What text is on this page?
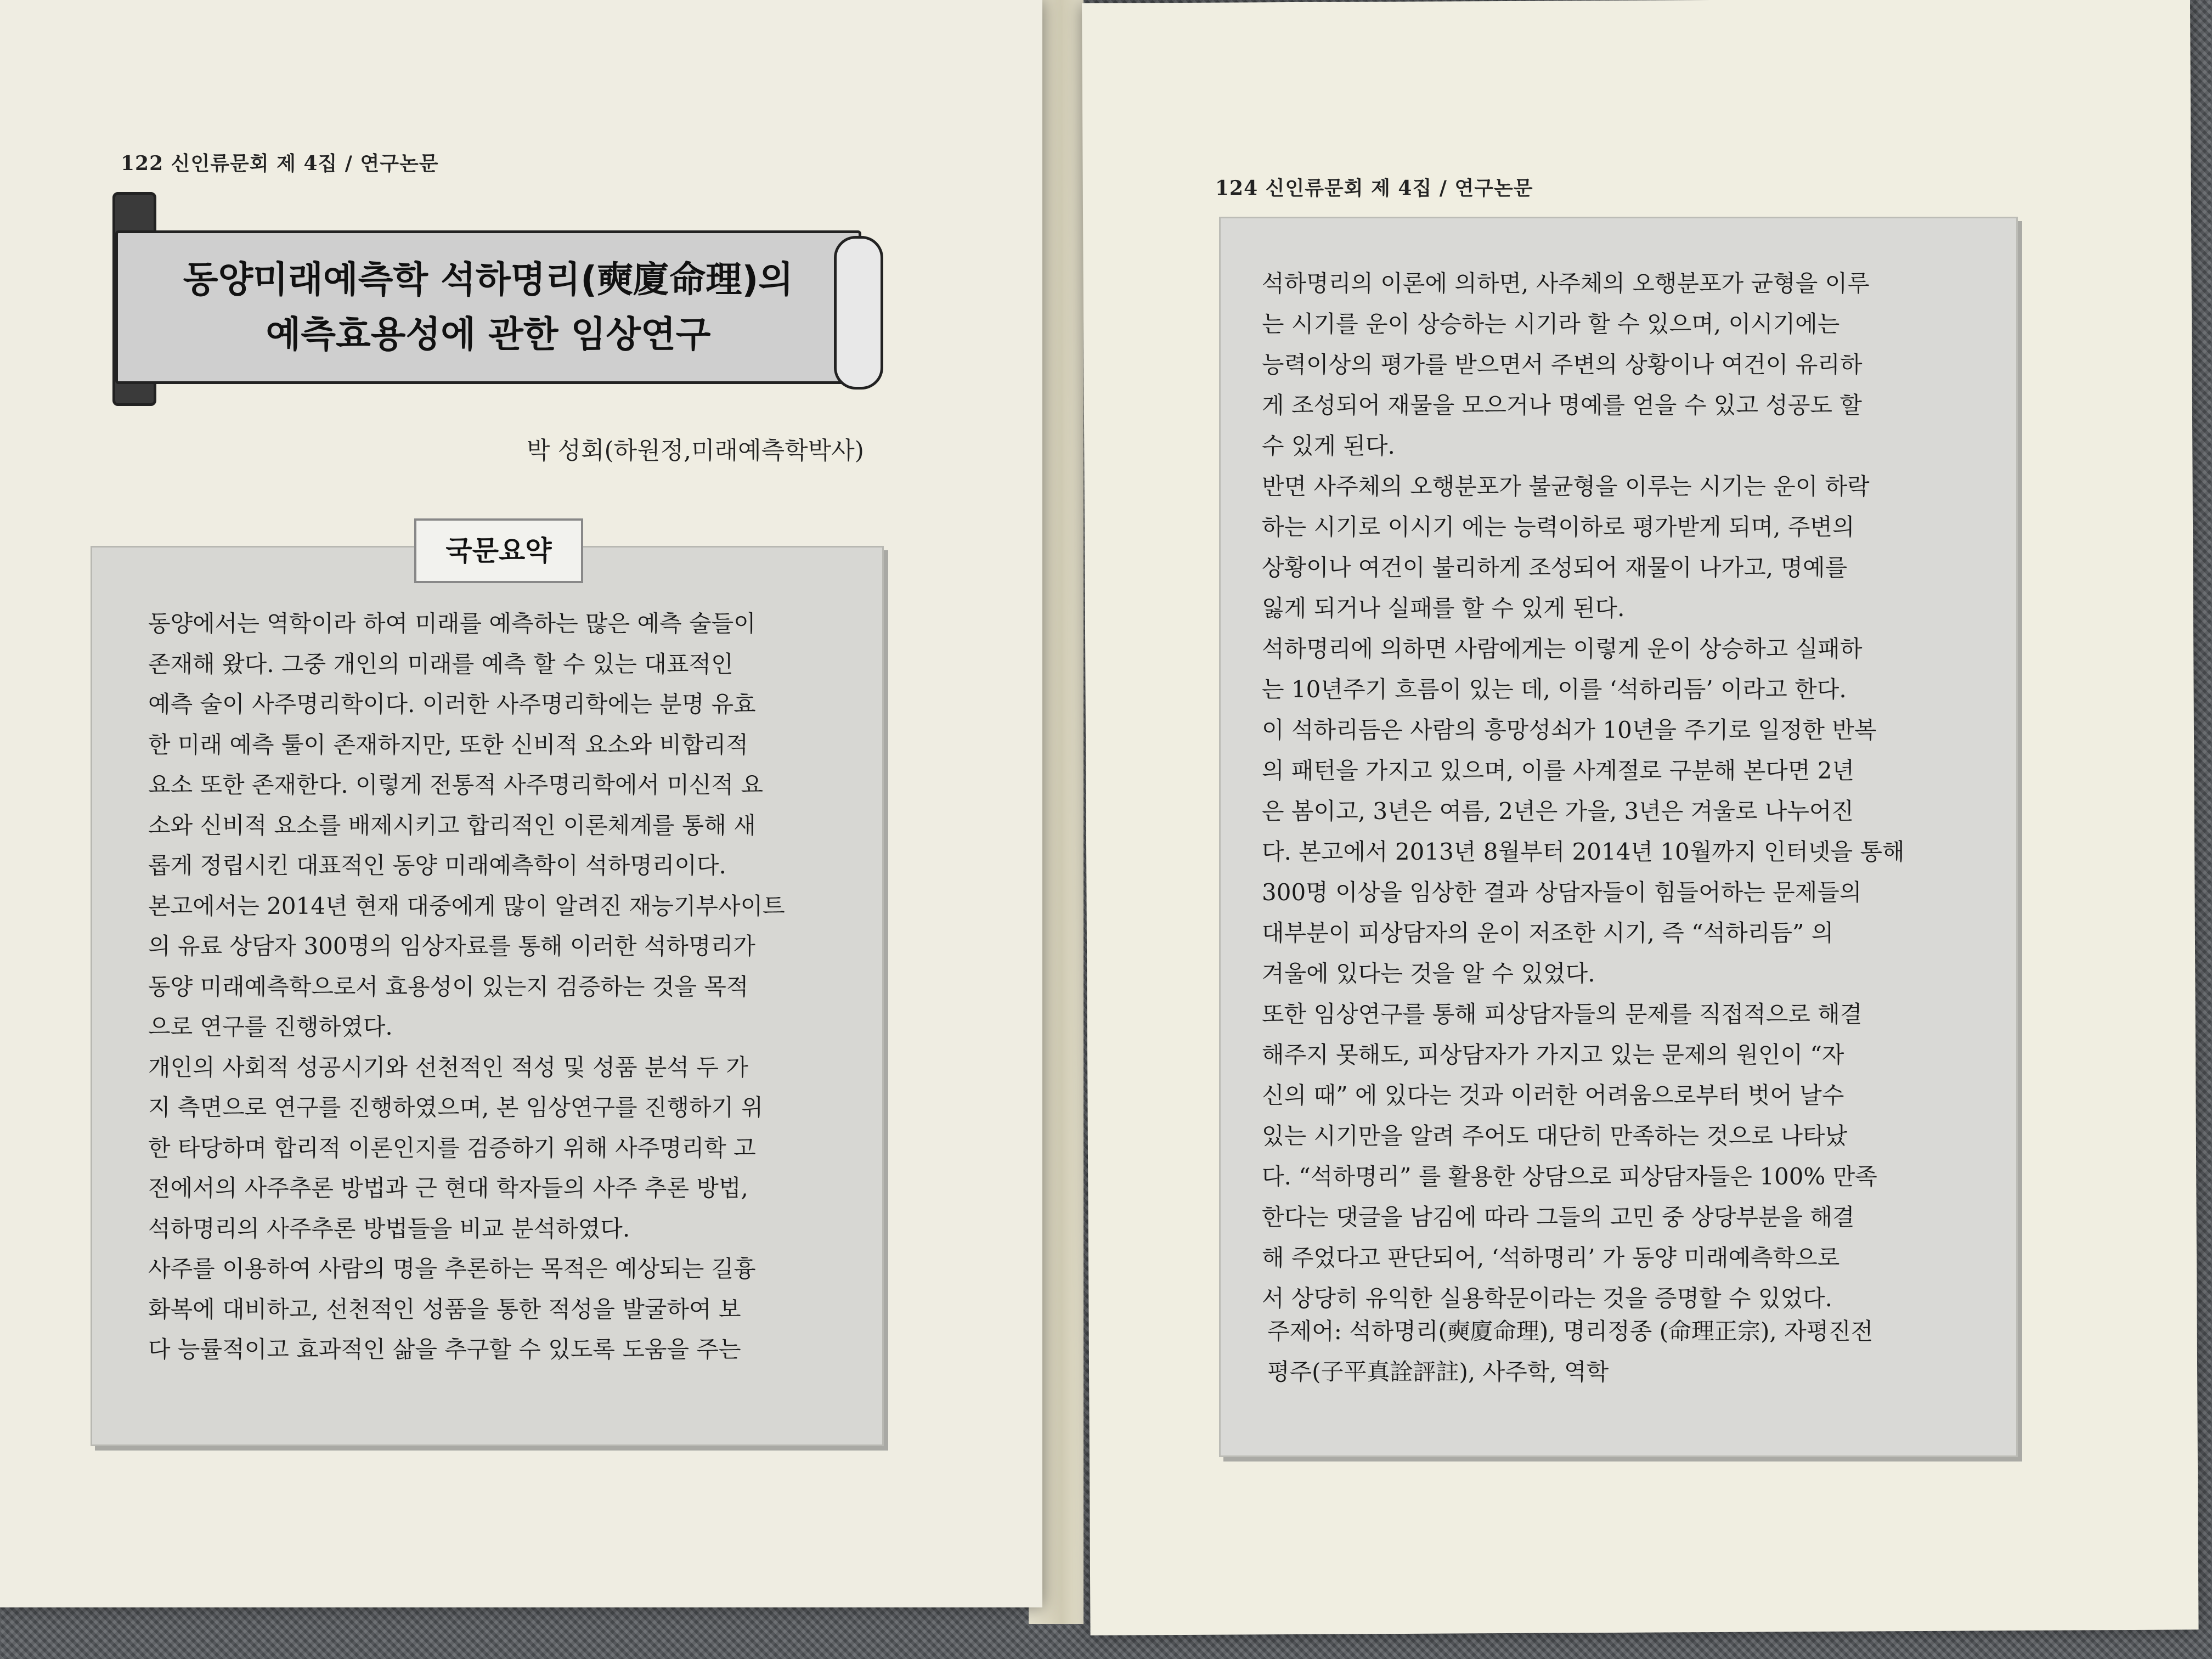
122 신인류문회 제 4집 / 연구논문
동양미래예측학 석하명리(奭廈命理)의
예측효용성에 관한 임상연구
박 성회(하원정,미래예측학박사)
국문요약
동양에서는 역학이라 하여 미래를 예측하는 많은 예측 술들이
존재해 왔다. 그중 개인의 미래를 예측 할 수 있는 대표적인
예측 술이 사주명리학이다. 이러한 사주명리학에는 분명 유효
한 미래 예측 툴이 존재하지만, 또한 신비적 요소와 비합리적
요소 또한 존재한다. 이렇게 전통적 사주명리학에서 미신적 요
소와 신비적 요소를 배제시키고 합리적인 이론체계를 통해 새
롭게 정립시킨 대표적인 동양 미래예측학이 석하명리이다.
본고에서는 2014년 현재 대중에게 많이 알려진 재능기부사이트
의 유료 상담자 300명의 임상자료를 통해 이러한 석하명리가
동양 미래예측학으로서 효용성이 있는지 검증하는 것을 목적
으로 연구를 진행하였다.
개인의 사회적 성공시기와 선천적인 적성 및 성품 분석 두 가
지 측면으로 연구를 진행하였으며, 본 임상연구를 진행하기 위
한 타당하며 합리적 이론인지를 검증하기 위해 사주명리학 고
전에서의 사주추론 방법과 근 현대 학자들의 사주 추론 방법,
석하명리의 사주추론 방법들을 비교 분석하였다.
사주를 이용하여 사람의 명을 추론하는 목적은 예상되는 길흉
화복에 대비하고, 선천적인 성품을 통한 적성을 발굴하여 보
다 능률적이고 효과적인 삶을 추구할 수 있도록 도움을 주는
124 신인류문회 제 4집 / 연구논문
석하명리의 이론에 의하면, 사주체의 오행분포가 균형을 이루
는 시기를 운이 상승하는 시기라 할 수 있으며, 이시기에는
능력이상의 평가를 받으면서 주변의 상황이나 여건이 유리하
게 조성되어 재물을 모으거나 명예를 얻을 수 있고 성공도 할
수 있게 된다.
반면 사주체의 오행분포가 불균형을 이루는 시기는 운이 하락
하는 시기로 이시기 에는 능력이하로 평가받게 되며, 주변의
상황이나 여건이 불리하게 조성되어 재물이 나가고, 명예를
잃게 되거나 실패를 할 수 있게 된다.
석하명리에 의하면 사람에게는 이렇게 운이 상승하고 실패하
는 10년주기 흐름이 있는 데, 이를 ‘석하리듬’ 이라고 한다.
이 석하리듬은 사람의 흥망성쇠가 10년을 주기로 일정한 반복
의 패턴을 가지고 있으며, 이를 사계절로 구분해 본다면 2년
은 봄이고, 3년은 여름, 2년은 가을, 3년은 겨울로 나누어진
다. 본고에서 2013년 8월부터 2014년 10월까지 인터넷을 통해
300명 이상을 임상한 결과 상담자들이 힘들어하는 문제들의
대부분이 피상담자의 운이 저조한 시기, 즉 “석하리듬” 의
겨울에 있다는 것을 알 수 있었다.
또한 임상연구를 통해 피상담자들의 문제를 직접적으로 해결
해주지 못해도, 피상담자가 가지고 있는 문제의 원인이 “자
신의 때” 에 있다는 것과 이러한 어려움으로부터 벗어 날수
있는 시기만을 알려 주어도 대단히 만족하는 것으로 나타났
다. “석하명리” 를 활용한 상담으로 피상담자들은 100% 만족
한다는 댓글을 남김에 따라 그들의 고민 중 상당부분을 해결
해 주었다고 판단되어, ‘석하명리’ 가 동양 미래예측학으로
서 상당히 유익한 실용학문이라는 것을 증명할 수 있었다.
주제어: 석하명리(奭廈命理), 명리정종 (命理正宗), 자평진전
평주(子平真詮評註), 사주학, 역학
